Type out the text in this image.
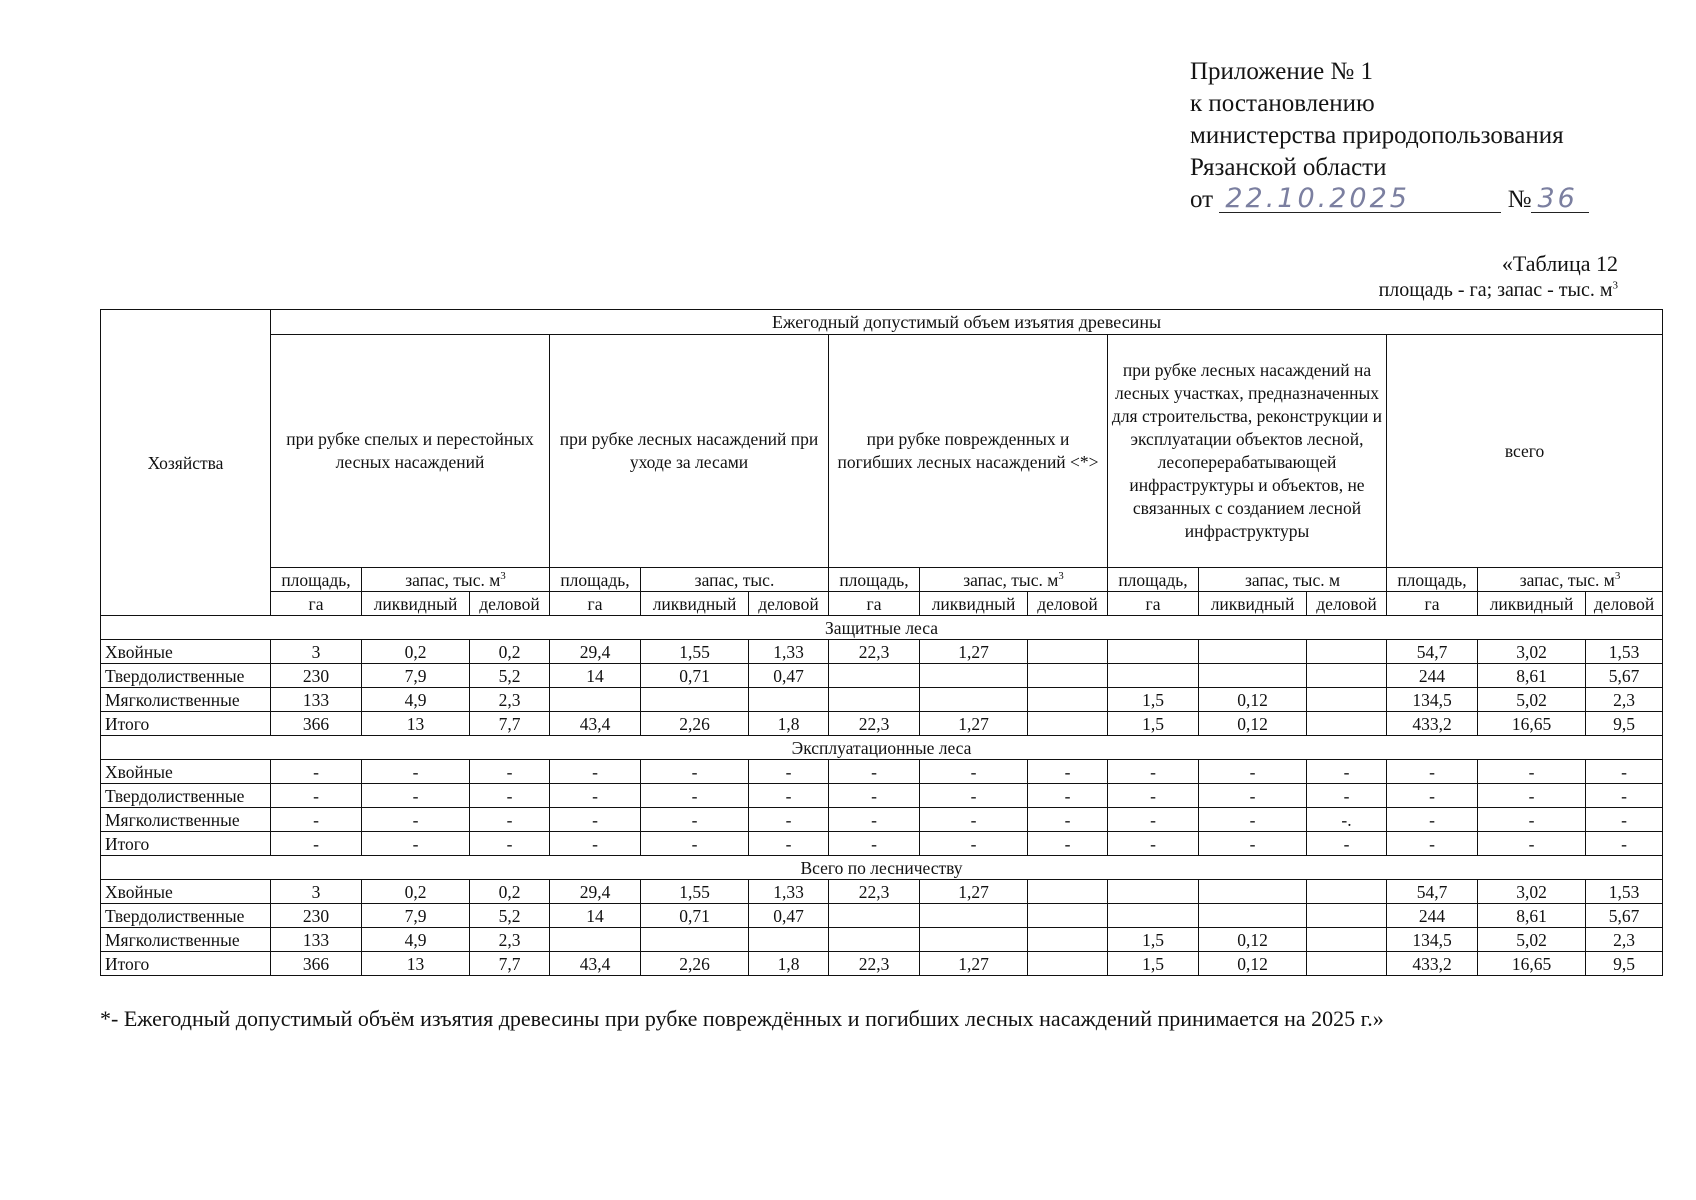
Приложение № 1
к постановлению
министерства природопользования
Рязанской области
от 22.10.2025	№ 36
«Таблица 12
площадь - га; запас - тыс. $м^3$
Хозяйства	Ежегодный допустимый объем изъятия древесины														
	при рубке спелых и перестойных лесных насаждений			при рубке лесных насаждений при уходе за лесами			при рубке поврежденных и погибших лесных насаждений <*>			при рубке лесных насаждений на лесных участках, предназначенных для строительства, реконструкции и эксплуатации объектов лесной, лесоперерабатывающей инфраструктуры и объектов, не связанных с созданием лесной инфраструктуры			всего		
	площадь,	запас, тыс. $м^3$		площадь,	запас, тыс.		площадь,	запас, тыс. $м^3$		площадь,	запас, тыс. м		площадь,	запас, тыс. $м^3$
	га	ликвидный	деловой	га	ликвидный	деловой	га	ликвидный	деловой	га	ликвидный	деловой	га	ликвидный	деловой
Защитные леса															
Хвойные	3	0,2	0,2	29,4	1,55	1,33	22,3	1,27					54,7	3,02	1,53
Твердолиственные	230	7,9	5,2	14	0,71	0,47							244	8,61	5,67
Мягколиственные	133	4,9	2,3							1,5	0,12		134,5	5,02	2,3
Итого	366	13	7,7	43,4	2,26	1,8	22,3	1,27		1,5	0,12		433,2	16,65	9,5
Эксплуатационные леса															
Хвойные	-	-	-	-	-	-	-	-	-	-	-	-	-	-	-
Твердолиственные	-	-	-	-	-	-	-	-	-	-	-	-	-	-	-
Мягколиственные	-	-	-	-	-	-	-	-	-	-	-	-.	-	-	-
Итого	-	-	-	-	-	-	-	-	-	-	-	-	-	-	-
Всего по лесничеству															
Хвойные	3	0,2	0,2	29,4	1,55	1,33	22,3	1,27					54,7	3,02	1,53
Твердолиственные	230	7,9	5,2	14	0,71	0,47							244	8,61	5,67
Мягколиственные	133	4,9	2,3							1,5	0,12		134,5	5,02	2,3
Итого	366	13	7,7	43,4	2,26	1,8	22,3	1,27		1,5	0,12		433,2	16,65	9,5
*- Ежегодный допустимый объём изъятия древесины при рубке повреждённых и погибших лесных насаждений принимается на 2025 г.»
